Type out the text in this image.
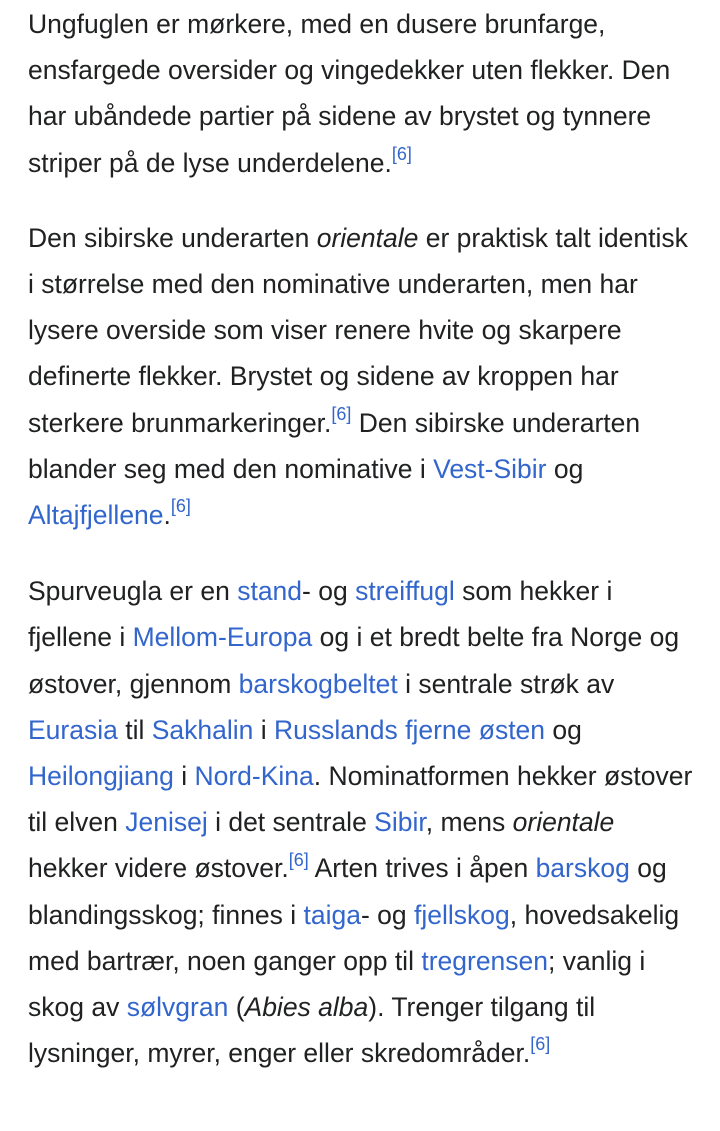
Ungfuglen er mørkere, med en dusere brunfarge, ensfargede oversider og vingedekker uten flekker. Den har ubåndede partier på sidene av brystet og tynnere striper på de lyse underdelene.[6]

Den sibirske underarten orientale er praktisk talt identisk i størrelse med den nominative underarten, men har lysere overside som viser renere hvite og skarpere definerte flekker. Brystet og sidene av kroppen har sterkere brunmarkeringer.[6] Den sibirske underarten blander seg med den nominative i Vest-Sibir og Altajfjellene.[6]

Spurveugla er en stand- og streiffugl som hekker i fjellene i Mellom-Europa og i et bredt belte fra Norge og østover, gjennom barskogbeltet i sentrale strøk av Eurasia til Sakhalin i Russlands fjerne østen og Heilongjiang i Nord-Kina. Nominatformen hekker østover til elven Jenisej i det sentrale Sibir, mens orientale hekker videre østover.[6] Arten trives i åpen barskog og blandingsskog; finnes i taiga- og fjellskog, hovedsakelig med bartrær, noen ganger opp til tregrensen; vanlig i skog av sølvgran (Abies alba). Trenger tilgang til lysninger, myrer, enger eller skredområder.[6]
